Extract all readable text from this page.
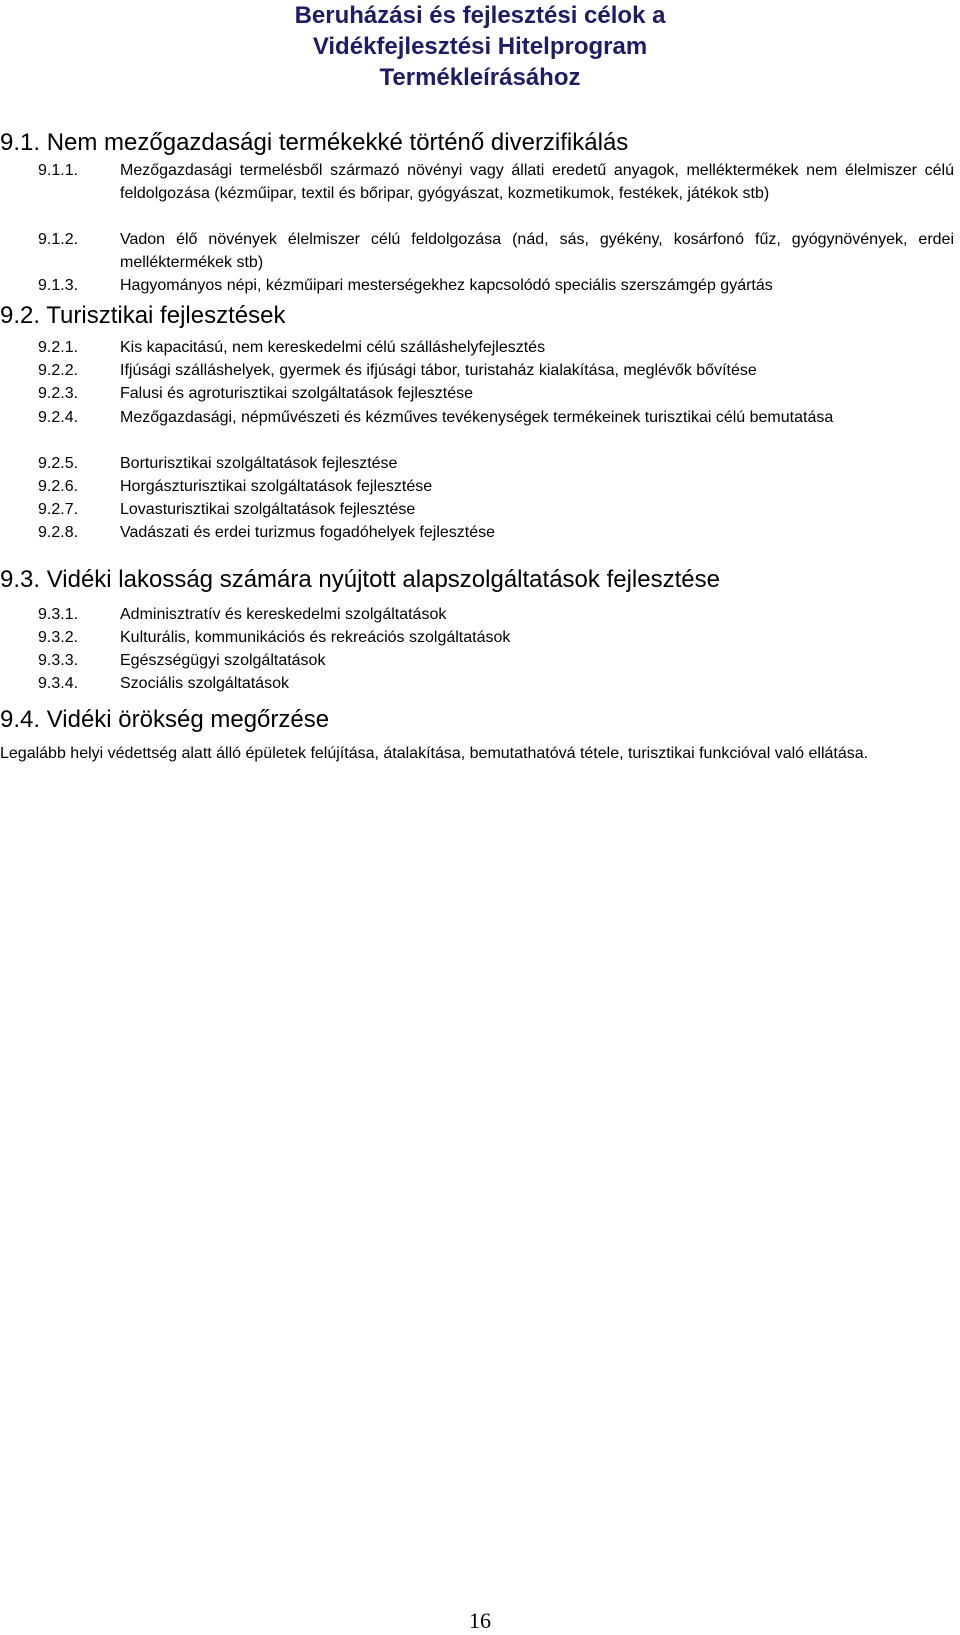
Beruházási és fejlesztési célok a
Vidékfejlesztési Hitelprogram
Termékleírásához
9.1. Nem mezőgazdasági termékekké történő diverzifikálás
9.1.1.	Mezőgazdasági termelésből származó növényi vagy állati eredetű anyagok, melléktermékek nem élelmiszer célú feldolgozása (kézműipar, textil és bőripar, gyógyászat, kozmetikumok, festékek, játékok stb)
9.1.2.	Vadon élő növények élelmiszer célú feldolgozása (nád, sás, gyékény, kosárfonó fűz, gyógynövények, erdei melléktermékek stb)
9.1.3.	Hagyományos népi, kézműipari mesterségekhez kapcsolódó speciális szerszámgép gyártás
9.2. Turisztikai fejlesztések
9.2.1.	Kis kapacitású, nem kereskedelmi célú szálláshelyfejlesztés
9.2.2.	Ifjúsági szálláshelyek, gyermek és ifjúsági tábor, turistaház kialakítása, meglévők bővítése
9.2.3.	Falusi és agroturisztikai szolgáltatások fejlesztése
9.2.4.	Mezőgazdasági, népművészeti és kézműves tevékenységek termékeinek turisztikai célú bemutatása
9.2.5.	Borturisztikai szolgáltatások fejlesztése
9.2.6.	Horgászturisztikai szolgáltatások fejlesztése
9.2.7.	Lovasturisztikai szolgáltatások fejlesztése
9.2.8.	Vadászati és erdei turizmus fogadóhelyek fejlesztése
9.3. Vidéki lakosság számára nyújtott alapszolgáltatások fejlesztése
9.3.1.	Adminisztratív és kereskedelmi szolgáltatások
9.3.2.	Kulturális, kommunikációs és rekreációs szolgáltatások
9.3.3.	Egészségügyi szolgáltatások
9.3.4.	Szociális szolgáltatások
9.4. Vidéki örökség megőrzése
Legalább helyi védettség alatt álló épületek felújítása, átalakítása, bemutathatóvá tétele, turisztikai funkcióval való ellátása.
16
